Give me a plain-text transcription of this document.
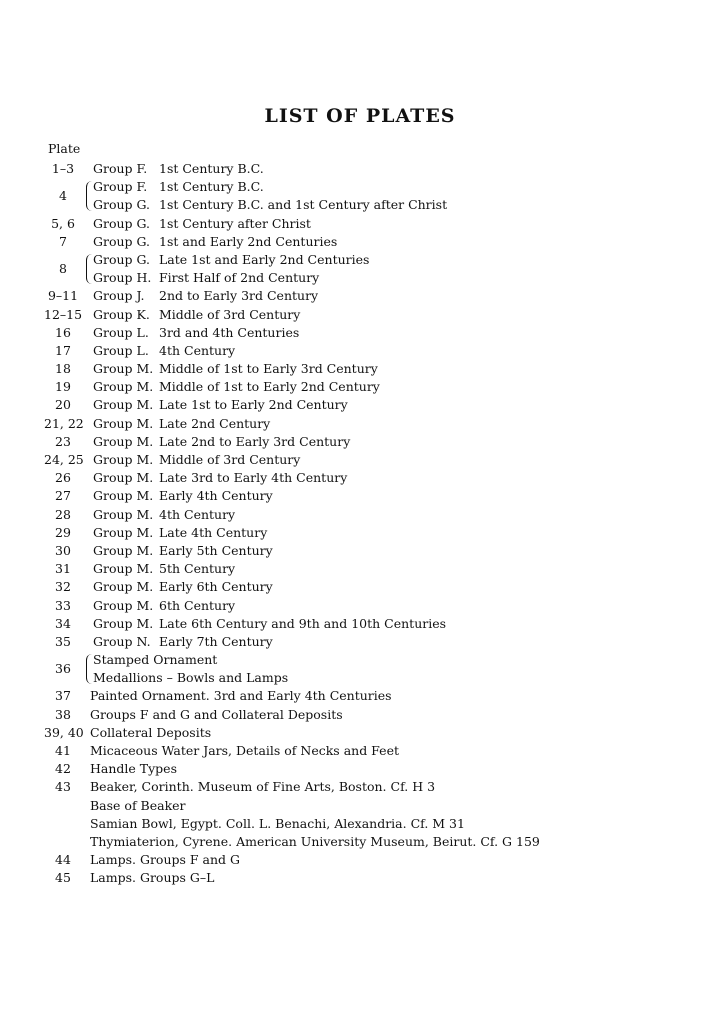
LIST OF PLATES
Plate
1–3	Group F. 1st Century B.C.
4
Group F. 1st Century B.C.
Group G. 1st Century B.C. and 1st Century after Christ
5, 6	Group G. 1st Century after Christ
7	Group G. 1st and Early 2nd Centuries
8
Group G. Late 1st and Early 2nd Centuries
Group H. First Half of 2nd Century
9–11	Group J. 2nd to Early 3rd Century
12–15 Group K. Middle of 3rd Century
16	Group L. 3rd and 4th Centuries
17	Group L. 4th Century
18	Group M. Middle of 1st to Early 3rd Century
19	Group M. Middle of 1st to Early 2nd Century
20	Group M. Late 1st to Early 2nd Century
21, 22 Group M. Late 2nd Century
23	Group M. Late 2nd to Early 3rd Century
24, 25 Group M. Middle of 3rd Century
26	Group M. Late 3rd to Early 4th Century
27	Group M. Early 4th Century
28	Group M. 4th Century
29	Group M. Late 4th Century
30	Group M. Early 5th Century
31	Group M. 5th Century
32	Group M. Early 6th Century
33	Group M. 6th Century
34	Group M. Late 6th Century and 9th and 10th Centuries
35	Group N. Early 7th Century
36
Stamped Ornament
Medallions – Bowls and Lamps
37	Painted Ornament. 3rd and Early 4th Centuries
38	Groups F and G and Collateral Deposits
39, 40 Collateral Deposits
41	Micaceous Water Jars, Details of Necks and Feet
42	Handle Types
43	Beaker, Corinth. Museum of Fine Arts, Boston. Cf. H 3
Base of Beaker
Samian Bowl, Egypt. Coll. L. Benachi, Alexandria. Cf. M 31
Thymiaterion, Cyrene. American University Museum, Beirut. Cf. G 159
44	Lamps. Groups F and G
45	Lamps. Groups G–L
